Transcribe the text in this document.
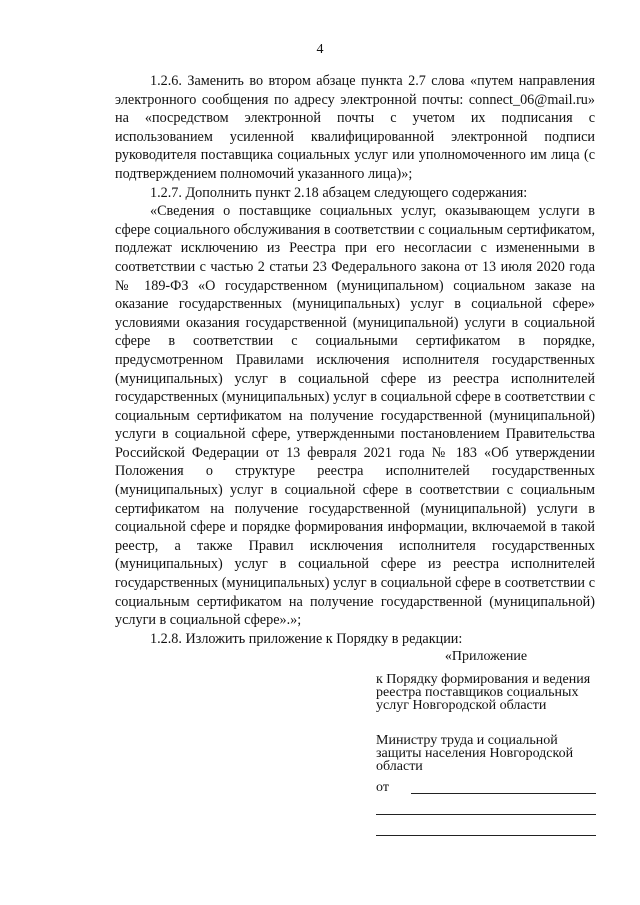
4

1.2.6. Заменить во втором абзаце пункта 2.7 слова «путем направления электронного сообщения по адресу электронной почты: connect_06@mail.ru» на «посредством электронной почты с учетом их подписания с использованием усиленной квалифицированной электронной подписи руководителя поставщика социальных услуг или уполномоченного им лица (с подтверждением полномочий указанного лица)»;

1.2.7. Дополнить пункт 2.18 абзацем следующего содержания:

«Сведения о поставщике социальных услуг, оказывающем услуги в сфере социального обслуживания в соответствии с социальным сертификатом, подлежат исключению из Реестра при его несогласии с измененными в соответствии с частью 2 статьи 23 Федерального закона от 13 июля 2020 года № 189-ФЗ «О государственном (муниципальном) социальном заказе на оказание государственных (муниципальных) услуг в социальной сфере» условиями оказания государственной (муниципальной) услуги в социальной сфере в соответствии с социальными сертификатом в порядке, предусмотренном Правилами исключения исполнителя государственных (муниципальных) услуг в социальной сфере из реестра исполнителей государственных (муниципальных) услуг в социальной сфере в соответствии с социальным сертификатом на получение государственной (муниципальной) услуги в социальной сфере, утвержденными постановлением Правительства Российской Федерации от 13 февраля 2021 года № 183 «Об утверждении Положения о структуре реестра исполнителей государственных (муниципальных) услуг в социальной сфере в соответствии с социальным сертификатом на получение государственной (муниципальной) услуги в социальной сфере и порядке формирования информации, включаемой в такой реестр, а также Правил исключения исполнителя государственных (муниципальных) услуг в социальной сфере из реестра исполнителей государственных (муниципальных) услуг в социальной сфере в соответствии с социальным сертификатом на получение государственной (муниципальной) услуги в социальной сфере».»;

1.2.8. Изложить приложение к Порядку в редакции:

«Приложение

к Порядку формирования и ведения реестра поставщиков социальных услуг Новгородской области

Министру труда и социальной защиты населения Новгородской области

от
